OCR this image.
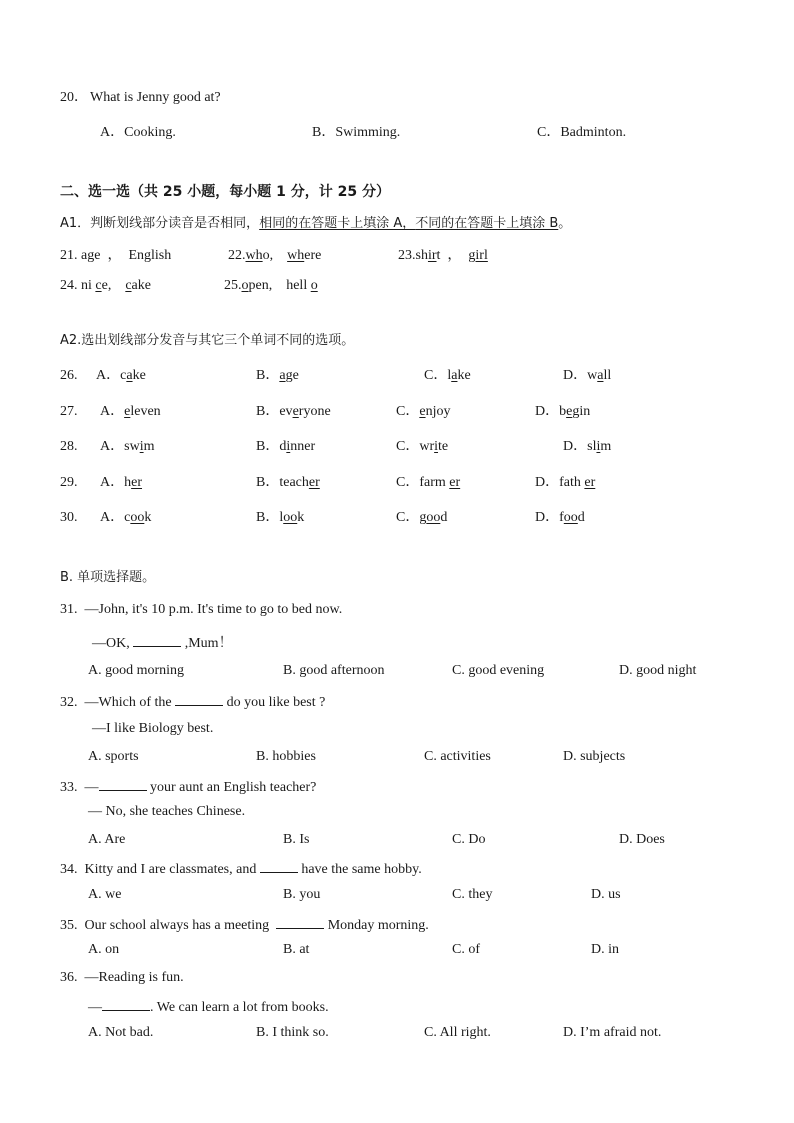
20． What is Jenny good at?
A．Cooking.	B．Swimming.	C．Badminton.
二、选一选（共 25 小题，每小题 1 分，计 25 分）
A1．判断划线部分读音是否相同，相同的在答题卡上填涂 A，不同的在答题卡上填涂 B。
21. age ， English	22.who, where	23.shirt ， girl
24. ni ce, cake	25.open, hell o
A2.选出划线部分发音与其它三个单词不同的选项。
26. A．cake	B．age	C．lake	D．wall
27. A．eleven	B．everyone	C．enjoy	D．begin
28. A．swim	B．dinner	C．write	D．slim
29. A．her	B．teacher	C．farm er	D．fath er
30. A．cook	B．look	C．good	D．food
B. 单项选择题。
31. —John, it's 10 p.m. It's time to go to bed now.
—OK,	,Mum！
A. good morning	B. good afternoon	C. good evening	D. good night
32. —Which of the	do you like best ?
—I like Biology best.
A. sports	B. hobbies	C. activities	D. subjects
33. —	your aunt an English teacher?
— No, she teaches Chinese.
A. Are	B. Is	C. Do	D. Does
34. Kitty and I are classmates, and	have the same hobby.
A. we	B. you	C. they	D. us
35. Our school always has a meeting	Monday morning.
A. on	B. at	C. of	D. in
36. —Reading is fun.
—	. We can learn a lot from books.
A. Not bad.	B. I think so.	C. All right.	D. I’m afraid not.
